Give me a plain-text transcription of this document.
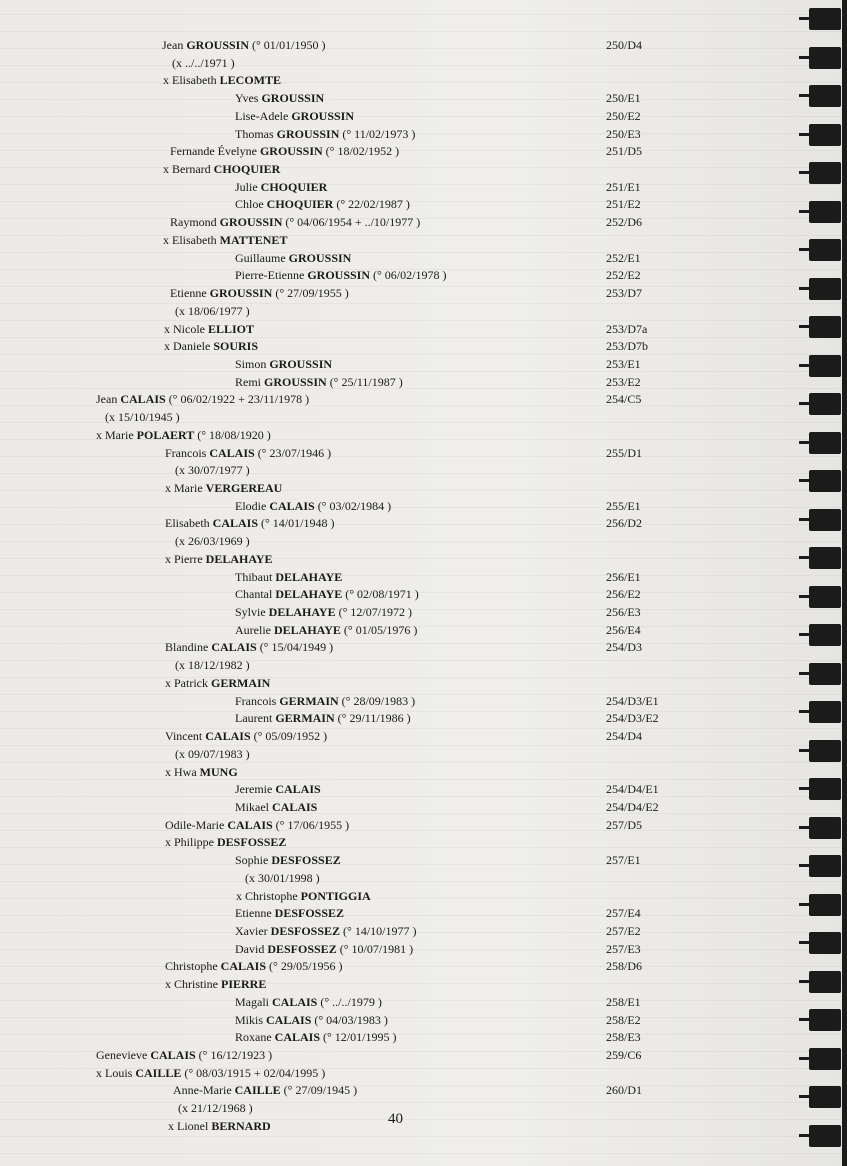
Jean GROUSSIN (° 01/01/1950 )	250/D4
(x ../../1971 )
x Elisabeth LECOMTE
Yves GROUSSIN	250/E1
Lise-Adele GROUSSIN	250/E2
Thomas GROUSSIN (° 11/02/1973 )	250/E3
Fernande Évelyne GROUSSIN (° 18/02/1952 )	251/D5
x Bernard CHOQUIER
Julie CHOQUIER	251/E1
Chloe CHOQUIER (° 22/02/1987 )	251/E2
Raymond GROUSSIN (° 04/06/1954 + ../10/1977 )	252/D6
x Elisabeth MATTENET
Guillaume GROUSSIN	252/E1
Pierre-Etienne GROUSSIN (° 06/02/1978 )	252/E2
Etienne GROUSSIN (° 27/09/1955 )	253/D7
(x 18/06/1977 )
x Nicole ELLIOT	253/D7a
x Daniele SOURIS	253/D7b
Simon GROUSSIN	253/E1
Remi GROUSSIN (° 25/11/1987 )	253/E2
Jean CALAIS (° 06/02/1922 + 23/11/1978 )	254/C5
(x 15/10/1945 )
x Marie POLAERT (° 18/08/1920 )
Francois CALAIS (° 23/07/1946 )	255/D1
(x 30/07/1977 )
x Marie VERGEREAU
Elodie CALAIS (° 03/02/1984 )	255/E1
Elisabeth CALAIS (° 14/01/1948 )	256/D2
(x 26/03/1969 )
x Pierre DELAHAYE
Thibaut DELAHAYE	256/E1
Chantal DELAHAYE (° 02/08/1971 )	256/E2
Sylvie DELAHAYE (° 12/07/1972 )	256/E3
Aurelie DELAHAYE (° 01/05/1976 )	256/E4
Blandine CALAIS (° 15/04/1949 )	254/D3
(x 18/12/1982 )
x Patrick GERMAIN
Francois GERMAIN (° 28/09/1983 )	254/D3/E1
Laurent GERMAIN (° 29/11/1986 )	254/D3/E2
Vincent CALAIS (° 05/09/1952 )	254/D4
(x 09/07/1983 )
x Hwa MUNG
Jeremie CALAIS	254/D4/E1
Mikael CALAIS	254/D4/E2
Odile-Marie CALAIS (° 17/06/1955 )	257/D5
x Philippe DESFOSSEZ
Sophie DESFOSSEZ	257/E1
(x 30/01/1998 )
x Christophe PONTIGGIA
Etienne DESFOSSEZ	257/E4
Xavier DESFOSSEZ (° 14/10/1977 )	257/E2
David DESFOSSEZ (° 10/07/1981 )	257/E3
Christophe CALAIS (° 29/05/1956 )	258/D6
x Christine PIERRE
Magali CALAIS (° ../../1979 )	258/E1
Mikis CALAIS (° 04/03/1983 )	258/E2
Roxane CALAIS (° 12/01/1995 )	258/E3
Genevieve CALAIS (° 16/12/1923 )	259/C6
x Louis CAILLE (° 08/03/1915 + 02/04/1995 )
Anne-Marie CAILLE (° 27/09/1945 )	260/D1
(x 21/12/1968 )
x Lionel BERNARD	40
